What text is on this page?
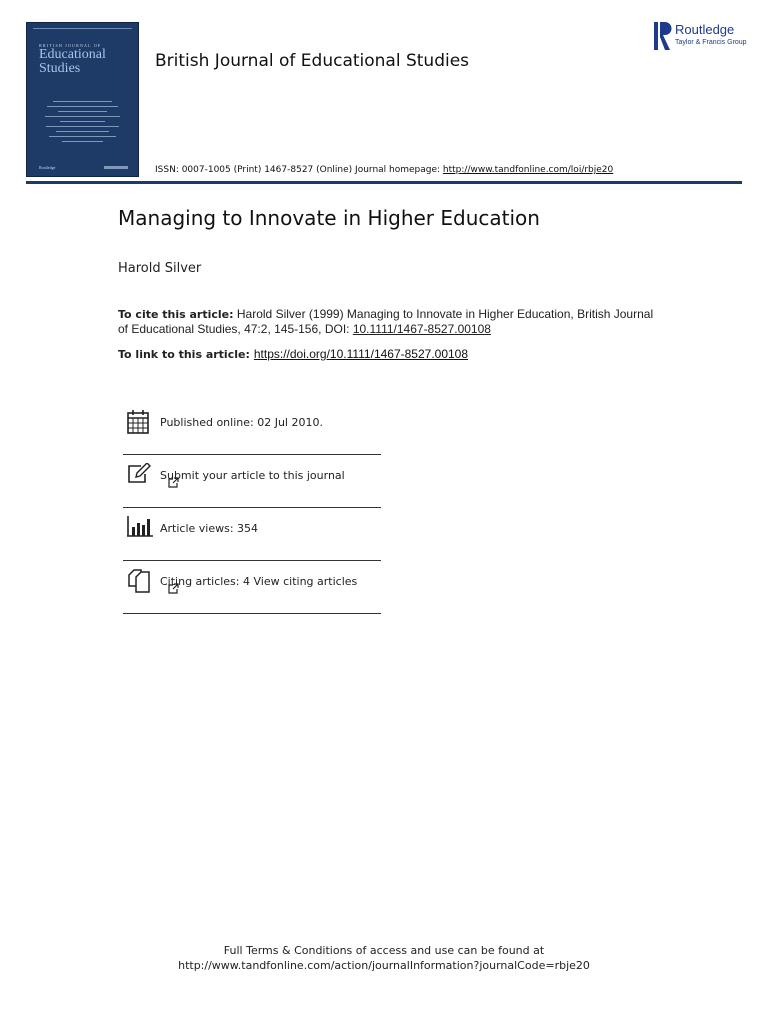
BRITISH JOURNAL OF
Educational
Studies
Routledge
British Journal of Educational Studies
Routledge
Taylor & Francis Group
ISSN: 0007-1005 (Print) 1467-8527 (Online) Journal homepage: http://www.tandfonline.com/loi/rbje20
Managing to Innovate in Higher Education
Harold Silver
To cite this article: Harold Silver (1999) Managing to Innovate in Higher Education, British Journal of Educational Studies, 47:2, 145-156, DOI: 10.1111/1467-8527.00108
To link to this article: https://doi.org/10.1111/1467-8527.00108
Published online: 02 Jul 2010.
Submit your article to this journal
Article views: 354
Citing articles: 4 View citing articles
Full Terms & Conditions of access and use can be found at
http://www.tandfonline.com/action/journalInformation?journalCode=rbje20
